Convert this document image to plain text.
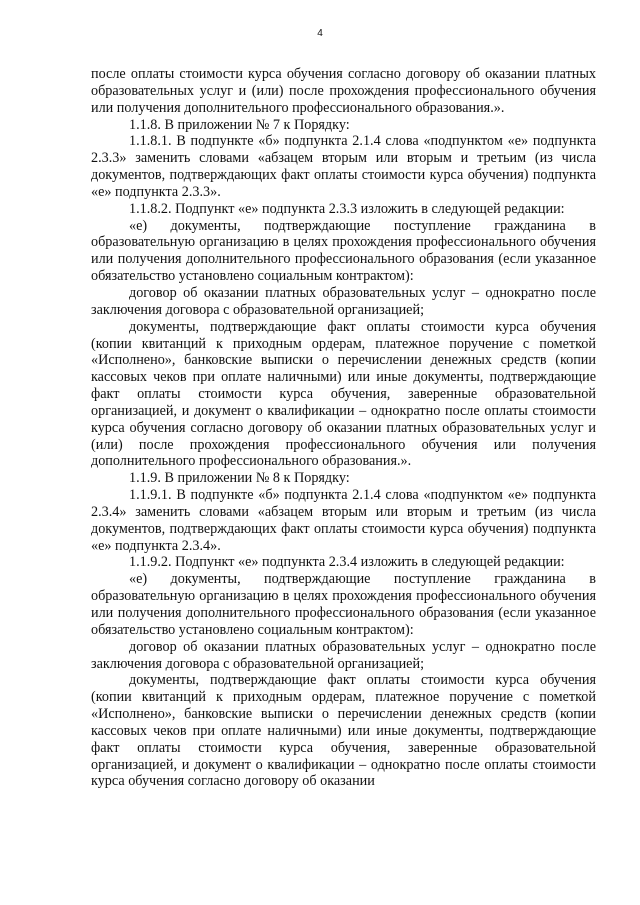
4

после оплаты стоимости курса обучения согласно договору об оказании платных образовательных услуг и (или) после прохождения профессионального обучения или получения дополнительного профессионального образования.».

1.1.8. В приложении № 7 к Порядку:

1.1.8.1. В подпункте «б» подпункта 2.1.4 слова «подпунктом «е» подпункта 2.3.3» заменить словами «абзацем вторым или вторым и третьим (из числа документов, подтверждающих факт оплаты стоимости курса обучения) подпункта «е» подпункта 2.3.3».

1.1.8.2. Подпункт «е» подпункта 2.3.3 изложить в следующей редакции:

«е) документы, подтверждающие поступление гражданина в образовательную организацию в целях прохождения профессионального обучения или получения дополнительного профессионального образования (если указанное обязательство установлено социальным контрактом):

договор об оказании платных образовательных услуг – однократно после заключения договора с образовательной организацией;

документы, подтверждающие факт оплаты стоимости курса обучения (копии квитанций к приходным ордерам, платежное поручение с пометкой «Исполнено», банковские выписки о перечислении денежных средств (копии кассовых чеков при оплате наличными) или иные документы, подтверждающие факт оплаты стоимости курса обучения, заверенные образовательной организацией, и документ о квалификации – однократно после оплаты стоимости курса обучения согласно договору об оказании платных образовательных услуг и (или) после прохождения профессионального обучения или получения дополнительного профессионального образования.».

1.1.9. В приложении № 8 к Порядку:

1.1.9.1. В подпункте «б» подпункта 2.1.4 слова «подпунктом «е» подпункта 2.3.4» заменить словами «абзацем вторым или вторым и третьим (из числа документов, подтверждающих факт оплаты стоимости курса обучения) подпункта «е» подпункта 2.3.4».

1.1.9.2. Подпункт «е» подпункта 2.3.4 изложить в следующей редакции:

«е) документы, подтверждающие поступление гражданина в образовательную организацию в целях прохождения профессионального обучения или получения дополнительного профессионального образования (если указанное обязательство установлено социальным контрактом):

договор об оказании платных образовательных услуг – однократно после заключения договора с образовательной организацией;

документы, подтверждающие факт оплаты стоимости курса обучения (копии квитанций к приходным ордерам, платежное поручение с пометкой «Исполнено», банковские выписки о перечислении денежных средств (копии кассовых чеков при оплате наличными) или иные документы, подтверждающие факт оплаты стоимости курса обучения, заверенные образовательной организацией, и документ о квалификации – однократно после оплаты стоимости курса обучения согласно договору об оказании
